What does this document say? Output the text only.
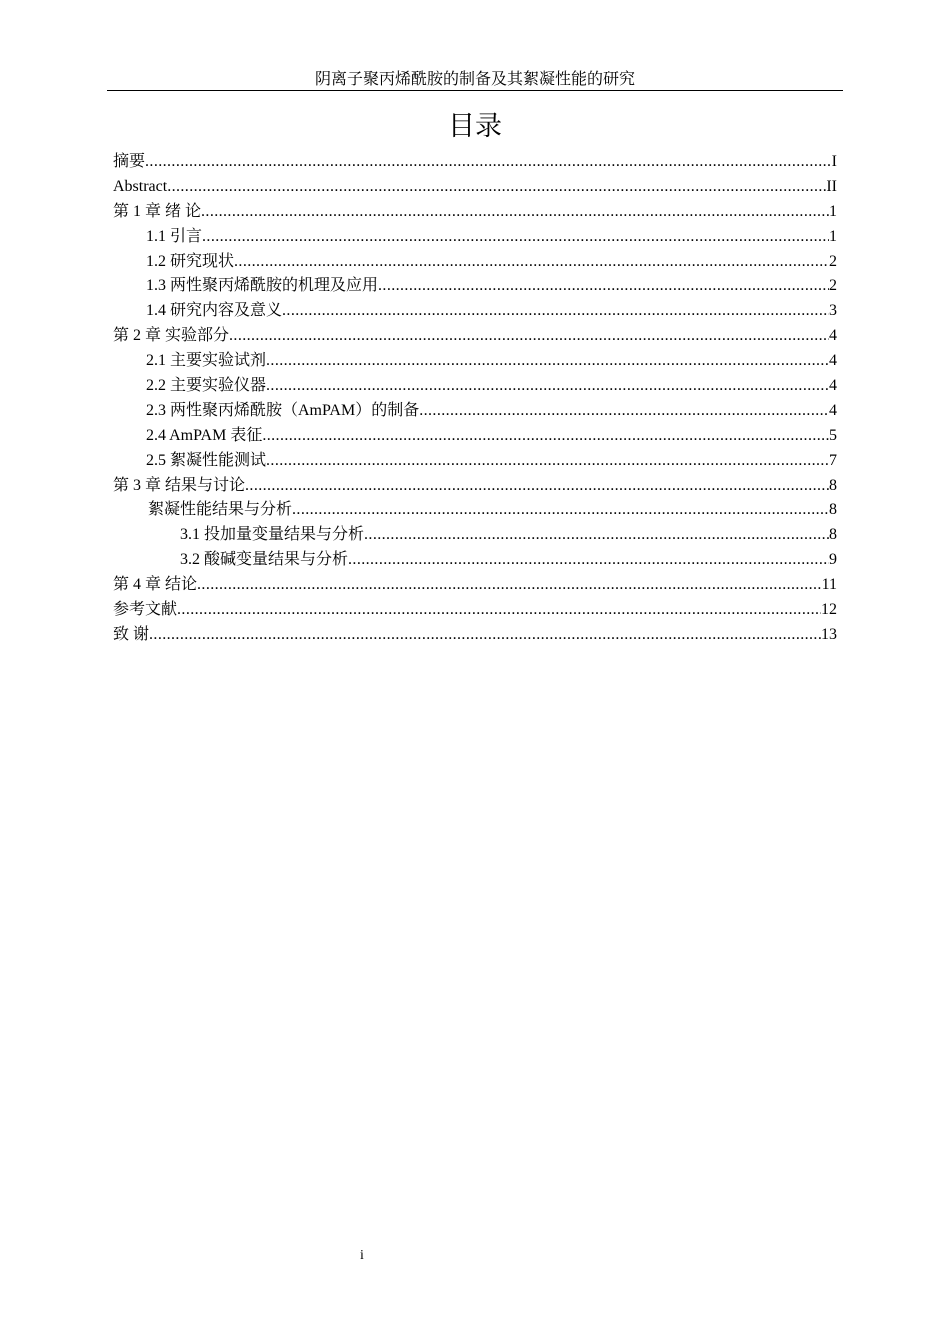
阴离子聚丙烯酰胺的制备及其絮凝性能的研究
目录
摘要 .....	I
Abstract .....	II
第 1 章 绪 论 .....	1
1.1 引言 .....	1
1.2 研究现状 .....	2
1.3 两性聚丙烯酰胺的机理及应用 .....	2
1.4 研究内容及意义 .....	3
第 2 章 实验部分 .....	4
2.1 主要实验试剂 .....	4
2.2 主要实验仪器 .....	4
2.3 两性聚丙烯酰胺（AmPAM）的制备 .....	4
2.4 AmPAM 表征 .....	5
2.5 絮凝性能测试 .....	7
第 3 章 结果与讨论 .....	8
絮凝性能结果与分析 .....	8
3.1 投加量变量结果与分析 .....	8
3.2 酸碱变量结果与分析 .....	9
第 4 章 结论 .....	11
参考文献 .....	12
致 谢 .....	13
i
